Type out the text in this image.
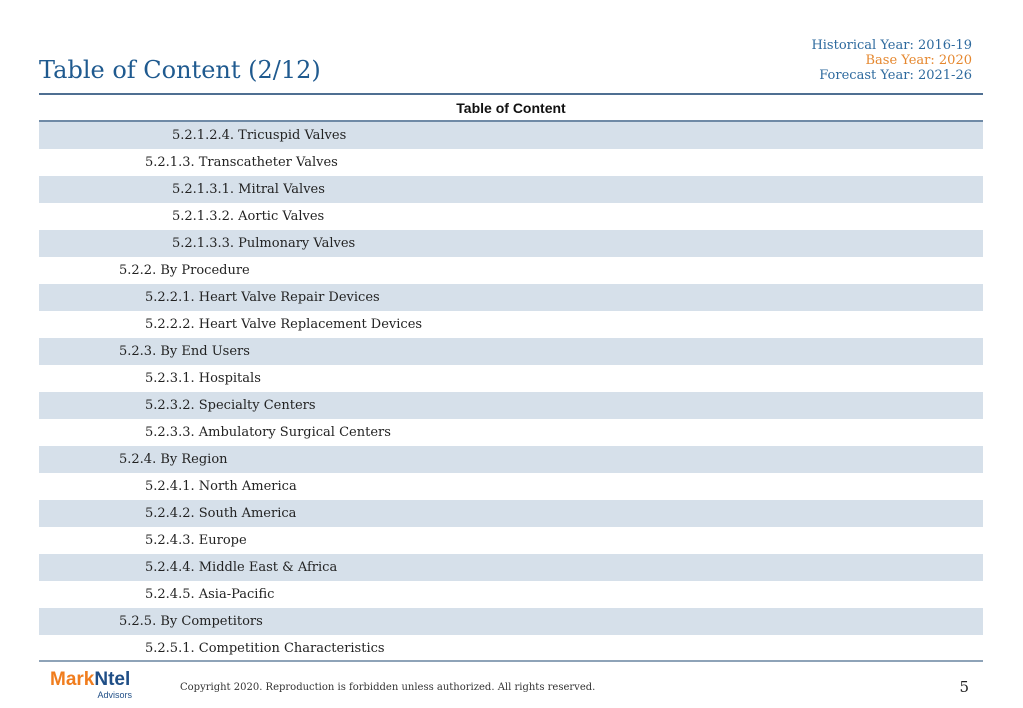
Table of Content (2/12)
Historical Year: 2016-19
Base Year: 2020
Forecast Year: 2021-26
Table of Content
5.2.1.2.4. Tricuspid Valves
5.2.1.3. Transcatheter Valves
5.2.1.3.1. Mitral Valves
5.2.1.3.2. Aortic Valves
5.2.1.3.3. Pulmonary Valves
5.2.2. By Procedure
5.2.2.1. Heart Valve Repair Devices
5.2.2.2. Heart Valve Replacement Devices
5.2.3. By End Users
5.2.3.1. Hospitals
5.2.3.2. Specialty Centers
5.2.3.3. Ambulatory Surgical Centers
5.2.4. By Region
5.2.4.1. North America
5.2.4.2. South America
5.2.4.3. Europe
5.2.4.4. Middle East & Africa
5.2.4.5. Asia-Pacific
5.2.5. By Competitors
5.2.5.1. Competition Characteristics
MarkNtel
Advisors
Copyright 2020. Reproduction is forbidden unless authorized. All rights reserved.	5
